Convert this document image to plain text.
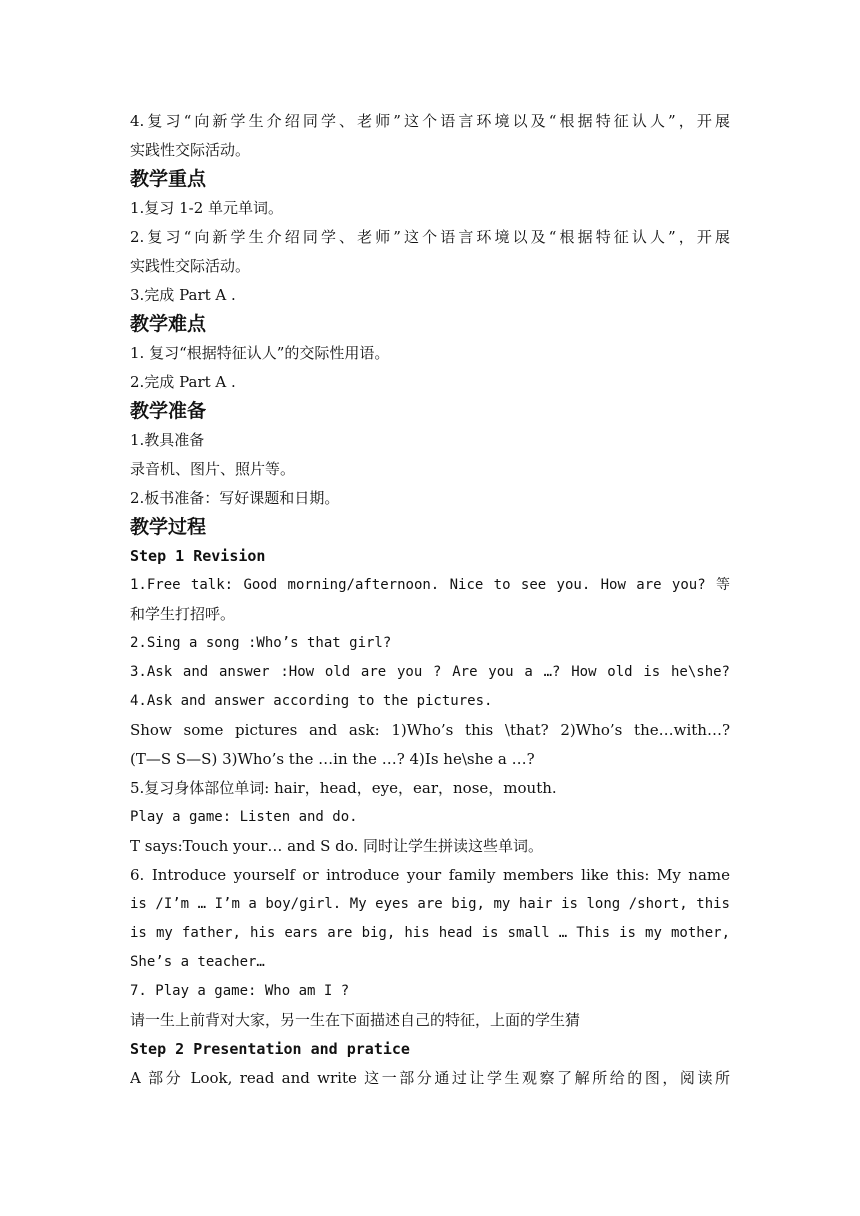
4.复习“向新学生介绍同学、老师”这个语言环境以及“根据特征认人”，开展
实践性交际活动。
教学重点
1.复习 1-2 单元单词。
2.复习“向新学生介绍同学、老师”这个语言环境以及“根据特征认人”，开展
实践性交际活动。
3.完成 Part A .
教学难点
1. 复习“根据特征认人”的交际性用语。
2.完成 Part A .
教学准备
1.教具准备
录音机、图片、照片等。
2.板书准备：写好课题和日期。
教学过程
Step 1 Revision
1.Free talk: Good morning/afternoon. Nice to see you. How are you? 等
和学生打招呼。
2.Sing a song :Who’s that girl?
3.Ask and answer :How old are you ? Are you a …? How old is he\she?
4.Ask and answer according to the pictures.
Show some pictures and ask: 1)Who’s this \that? 2)Who’s the…with…?
(T—S S—S) 3)Who’s the …in the …? 4)Is he\she a …?
5.复习身体部位单词: hair，head，eye，ear，nose，mouth.
Play a game: Listen and do.
T says:Touch your… and S do. 同时让学生拼读这些单词。
6. Introduce yourself or introduce your family members like this: My name
is /I’m … I’m a boy/girl. My eyes are big, my hair is long /short, this
is my father, his ears are big, his head is small … This is my mother,
She’s a teacher…
7. Play a game: Who am I ?
请一生上前背对大家，另一生在下面描述自己的特征，上面的学生猜
Step 2 Presentation and pratice
A 部分 Look, read and write 这一部分通过让学生观察了解所给的图，阅读所
